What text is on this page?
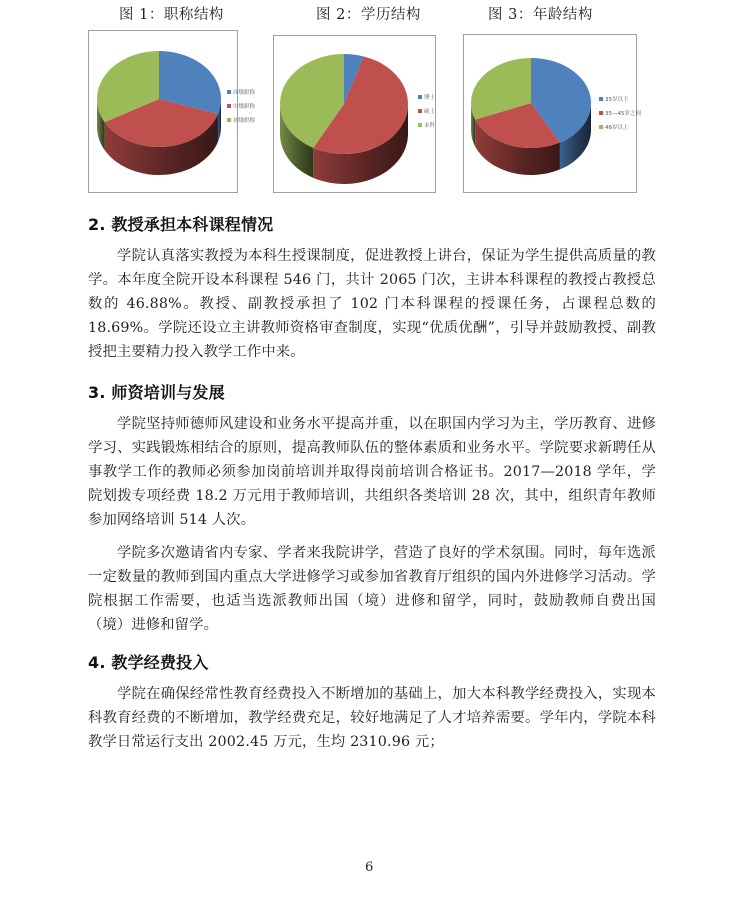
图 1：职称结构	图 2：学历结构	图 3：年龄结构
高级职称
中级职称
初级职称
博士
硕士
本科
35岁以下
35—45岁之间
46岁以上
2. 教授承担本科课程情况

学院认真落实教授为本科生授课制度，促进教授上讲台，保证为学生提供高质量的教学。本年度全院开设本科课程 546 门，共计 2065 门次，主讲本科课程的教授占教授总数的 46.88%。教授、副教授承担了 102 门本科课程的授课任务，占课程总数的 18.69%。学院还设立主讲教师资格审查制度，实现“优质优酬”，引导并鼓励教授、副教授把主要精力投入教学工作中来。

3. 师资培训与发展

学院坚持师德师风建设和业务水平提高并重，以在职国内学习为主，学历教育、进修学习、实践锻炼相结合的原则，提高教师队伍的整体素质和业务水平。学院要求新聘任从事教学工作的教师必须参加岗前培训并取得岗前培训合格证书。2017—2018 学年，学院划拨专项经费 18.2 万元用于教师培训，共组织各类培训 28 次，其中，组织青年教师参加网络培训 514 人次。

学院多次邀请省内专家、学者来我院讲学，营造了良好的学术氛围。同时，每年选派一定数量的教师到国内重点大学进修学习或参加省教育厅组织的国内外进修学习活动。学院根据工作需要，也适当选派教师出国（境）进修和留学，同时，鼓励教师自费出国（境）进修和留学。

4. 教学经费投入

学院在确保经常性教育经费投入不断增加的基础上，加大本科教学经费投入，实现本科教育经费的不断增加，教学经费充足，较好地满足了人才培养需要。学年内，学院本科教学日常运行支出 2002.45 万元，生均 2310.96 元；

6
